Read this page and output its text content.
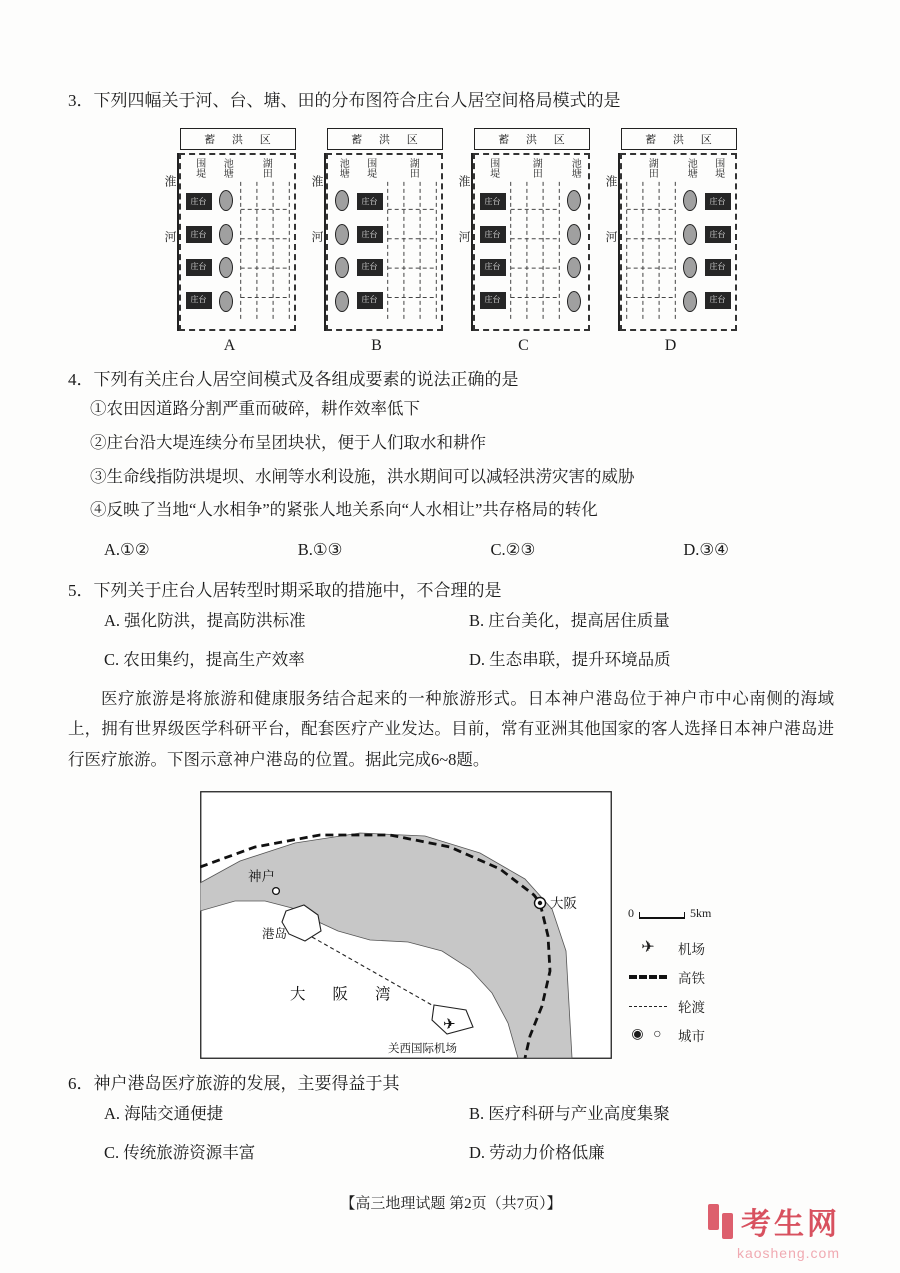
3．下列四幅关于河、台、塘、田的分布图符合庄台人居空间格局模式的是

蓄 洪 区
淮河
围堤
庄台
庄台
庄台
庄台
池塘	湖田
A
蓄 洪 区
淮河
池塘 围堤
庄台
庄台
庄台
庄台
湖田
B
蓄 洪 区
淮河
围堤
庄台
庄台
庄台
庄台
湖田	池塘
C
蓄 洪 区
淮河
湖田	池塘 围堤
庄台
庄台
庄台
庄台
D

4．下列有关庄台人居空间模式及各组成要素的说法正确的是

①农田因道路分割严重而破碎，耕作效率低下

②庄台沿大堤连续分布呈团块状，便于人们取水和耕作

③生命线指防洪堤坝、水闸等水利设施，洪水期间可以减轻洪涝灾害的威胁

④反映了当地“人水相争”的紧张人地关系向“人水相让”共存格局的转化

A.①②	B.①③	C.②③	D.③④

5．下列关于庄台人居转型时期采取的措施中，不合理的是

A. 强化防洪，提高防洪标准	B. 庄台美化，提高居住质量
C. 农田集约，提高生产效率	D. 生态串联，提升环境品质

医疗旅游是将旅游和健康服务结合起来的一种旅游形式。日本神户港岛位于神户市中心南侧的海域上，拥有世界级医学科研平台，配套医疗产业发达。目前，常有亚洲其他国家的客人选择日本神户港岛进行医疗旅游。下图示意神户港岛的位置。据此完成6~8题。

✈
神户
港岛
大阪
大阪湾
关西国际机场
0	5km
✈	机场
高铁
轮渡
◉ ○ 城市

6．神户港岛医疗旅游的发展，主要得益于其

A. 海陆交通便捷	B. 医疗科研与产业高度集聚
C. 传统旅游资源丰富	D. 劳动力价格低廉

【高三地理试题 第2页（共7页）】

考生网
kaosheng.com
